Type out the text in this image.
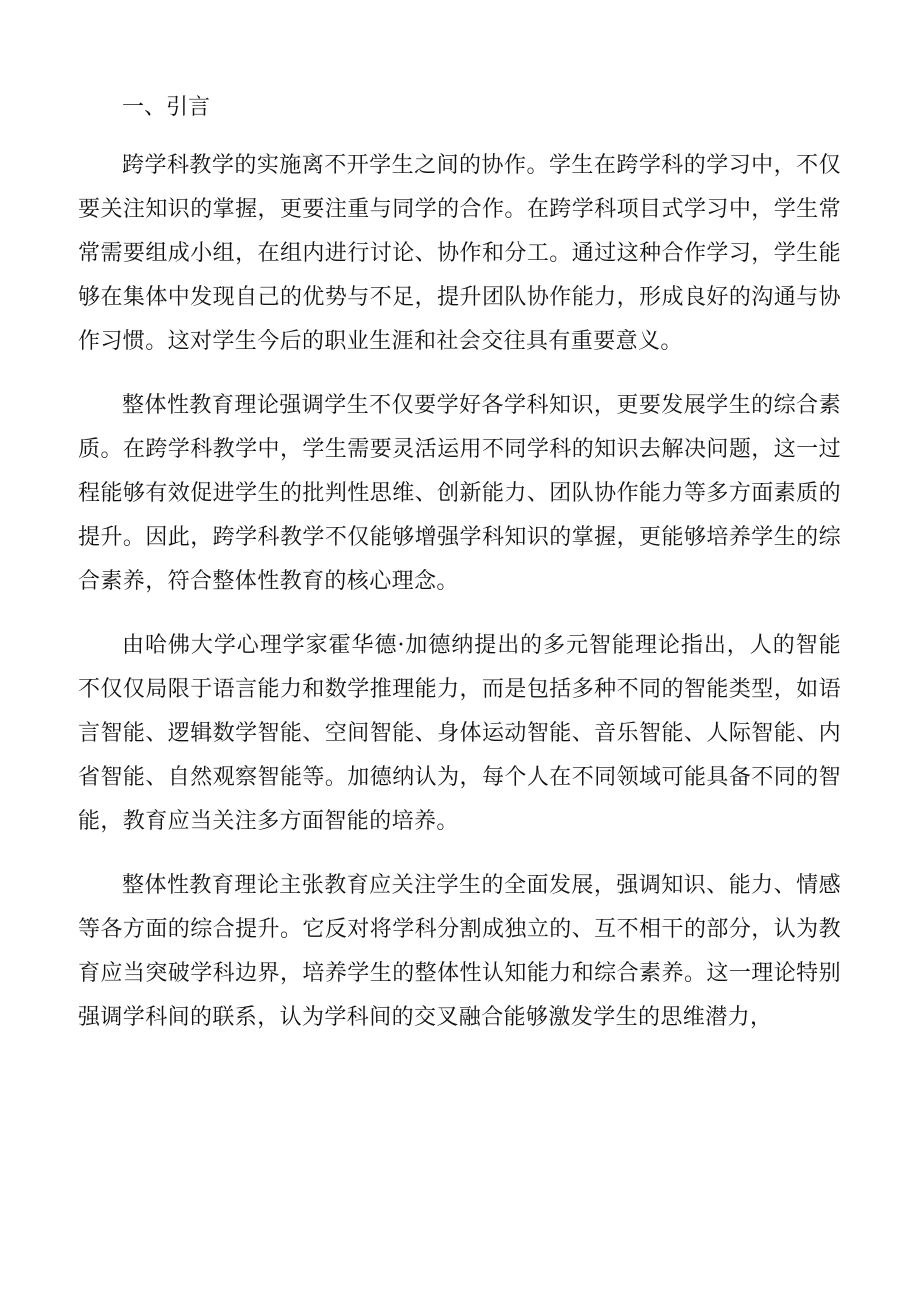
一、引言

跨学科教学的实施离不开学生之间的协作。学生在跨学科的学习中，不仅要关注知识的掌握，更要注重与同学的合作。在跨学科项目式学习中，学生常常需要组成小组，在组内进行讨论、协作和分工。通过这种合作学习，学生能够在集体中发现自己的优势与不足，提升团队协作能力，形成良好的沟通与协作习惯。这对学生今后的职业生涯和社会交往具有重要意义。

整体性教育理论强调学生不仅要学好各学科知识，更要发展学生的综合素质。在跨学科教学中，学生需要灵活运用不同学科的知识去解决问题，这一过程能够有效促进学生的批判性思维、创新能力、团队协作能力等多方面素质的提升。因此，跨学科教学不仅能够增强学科知识的掌握，更能够培养学生的综合素养，符合整体性教育的核心理念。

由哈佛大学心理学家霍华德·加德纳提出的多元智能理论指出，人的智能不仅仅局限于语言能力和数学推理能力，而是包括多种不同的智能类型，如语言智能、逻辑数学智能、空间智能、身体运动智能、音乐智能、人际智能、内省智能、自然观察智能等。加德纳认为，每个人在不同领域可能具备不同的智能，教育应当关注多方面智能的培养。

整体性教育理论主张教育应关注学生的全面发展，强调知识、能力、情感等各方面的综合提升。它反对将学科分割成独立的、互不相干的部分，认为教育应当突破学科边界，培养学生的整体性认知能力和综合素养。这一理论特别强调学科间的联系，认为学科间的交叉融合能够激发学生的思维潜力，
